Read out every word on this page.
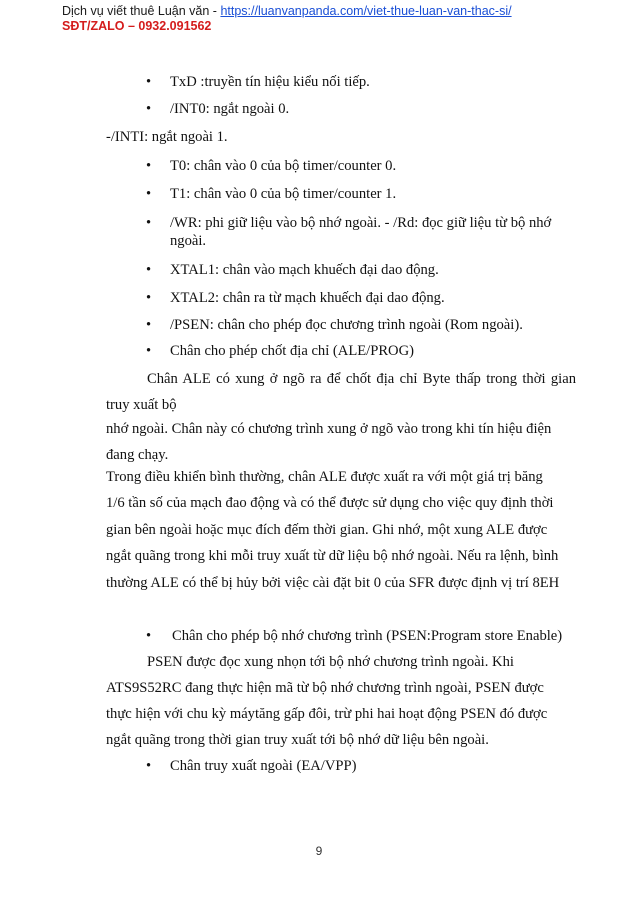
Dịch vụ viết thuê Luận văn - https://luanvanpanda.com/viet-thue-luan-van-thac-si/
SĐT/ZALO – 0932.091562
• TxD :truyền tín hiệu kiểu nối tiếp.
• /INT0: ngắt ngoài 0.
-/INTI: ngắt ngoài 1.
• T0: chân vào 0 của bộ timer/counter 0.
• T1: chân vào 0 của bộ timer/counter 1.
• /WR: phi giữ liệu vào bộ nhớ ngoài. - /Rd: đọc giữ liệu từ bộ nhớ
ngoài.
• XTAL1: chân vào mạch khuếch đại dao động.
• XTAL2: chân ra từ mạch khuếch đại dao động.
• /PSEN: chân cho phép đọc chương trình ngoài (Rom ngoài).
• Chân cho phép chốt địa chỉ (ALE/PROG)
Chân ALE có xung ở ngõ ra để chốt địa chỉ Byte thấp trong thời gian
truy xuất bộ
nhớ ngoài. Chân này có chương trình xung ở ngõ vào trong khi tín hiệu điện
đang chạy.
Trong điều khiển bình thường, chân ALE được xuất ra với một giá trị băng
1/6 tần số của mạch đao động và có thể được sử dụng cho việc quy định thời
gian bên ngoài hoặc mục đích đếm thời gian. Ghi nhớ, một xung ALE được
ngắt quãng trong khi mỗi truy xuất từ dữ liệu bộ nhớ ngoài. Nếu ra lệnh, bình
thường ALE có thể bị hủy bởi việc cài đặt bit 0 của SFR được định vị trí 8EH
• Chân cho phép bộ nhớ chương trình (PSEN:Program store Enable)
PSEN được đọc xung nhọn tới bộ nhớ chương trình ngoài. Khi
ATS9S52RC đang thực hiện mã từ bộ nhớ chương trình ngoài, PSEN được
thực hiện với chu kỳ máytăng gấp đôi, trừ phi hai hoạt động PSEN đó được
ngắt quãng trong thời gian truy xuất tới bộ nhớ dữ liệu bên ngoài.
• Chân truy xuất ngoài (EA/VPP)
9
